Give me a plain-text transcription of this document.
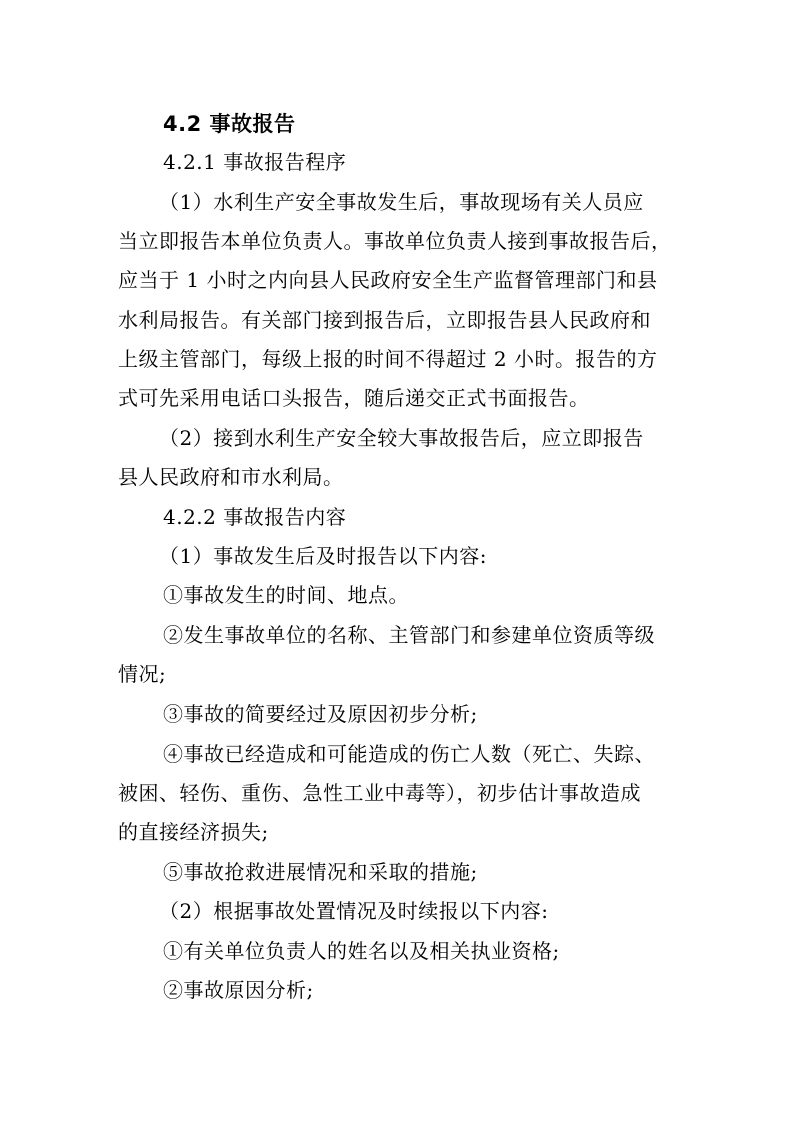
4.2 事故报告
4.2.1 事故报告程序
（1）水利生产安全事故发生后，事故现场有关人员应
当立即报告本单位负责人。事故单位负责人接到事故报告后，
应当于 1 小时之内向县人民政府安全生产监督管理部门和县
水利局报告。有关部门接到报告后，立即报告县人民政府和
上级主管部门，每级上报的时间不得超过 2 小时。报告的方
式可先采用电话口头报告，随后递交正式书面报告。
（2）接到水利生产安全较大事故报告后，应立即报告
县人民政府和市水利局。
4.2.2 事故报告内容
（1）事故发生后及时报告以下内容:
①事故发生的时间、地点。
②发生事故单位的名称、主管部门和参建单位资质等级
情况;
③事故的简要经过及原因初步分析;
④事故已经造成和可能造成的伤亡人数（死亡、失踪、
被困、轻伤、重伤、急性工业中毒等），初步估计事故造成
的直接经济损失;
⑤事故抢救进展情况和采取的措施;
（2）根据事故处置情况及时续报以下内容:
①有关单位负责人的姓名以及相关执业资格;
②事故原因分析;
